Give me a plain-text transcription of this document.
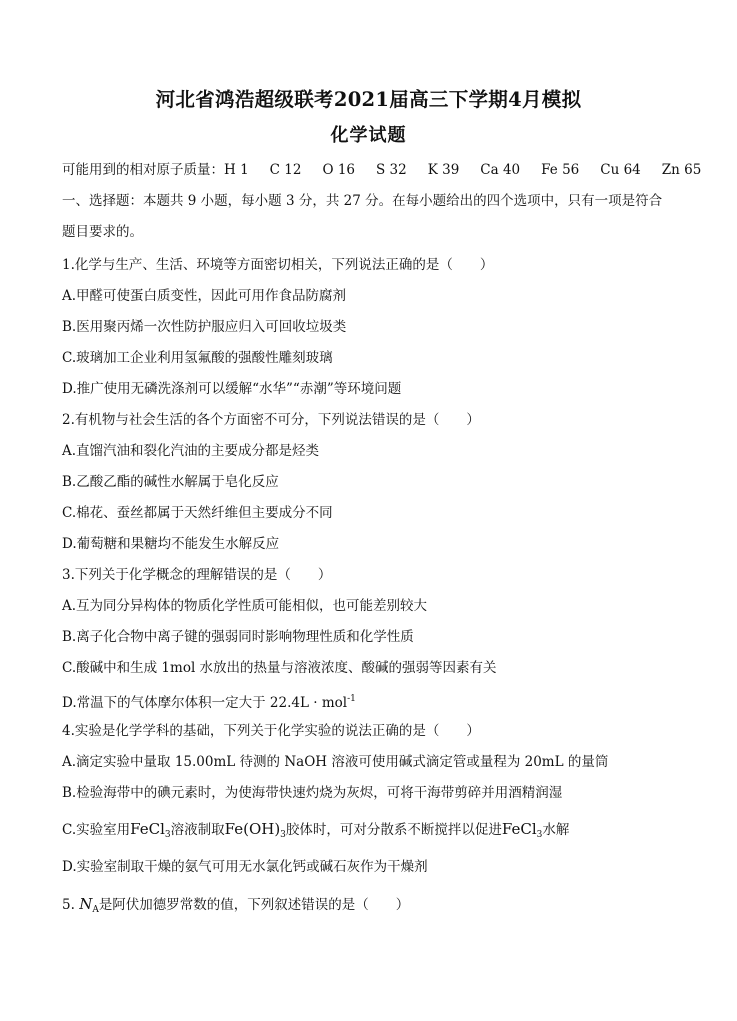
河北省鸿浩超级联考2021届高三下学期4月模拟
化学试题
可能用到的相对原子质量：H 1 C 12 O 16 S 32 K 39 Ca 40 Fe 56 Cu 64 Zn 65
一、选择题：本题共 9 小题，每小题 3 分，共 27 分。在每小题给出的四个选项中，只有一项是符合
题目要求的。
1.化学与生产、生活、环境等方面密切相关，下列说法正确的是（　　）
A.甲醛可使蛋白质变性，因此可用作食品防腐剂
B.医用聚丙烯一次性防护服应归入可回收垃圾类
C.玻璃加工企业利用氢氟酸的强酸性雕刻玻璃
D.推广使用无磷洗涤剂可以缓解“水华”“赤潮”等环境问题
2.有机物与社会生活的各个方面密不可分，下列说法错误的是（　　）
A.直馏汽油和裂化汽油的主要成分都是烃类
B.乙酸乙酯的碱性水解属于皂化反应
C.棉花、蚕丝都属于天然纤维但主要成分不同
D.葡萄糖和果糖均不能发生水解反应
3.下列关于化学概念的理解错误的是（　　）
A.互为同分异构体的物质化学性质可能相似，也可能差别较大
B.离子化合物中离子键的强弱同时影响物理性质和化学性质
C.酸碱中和生成 1mol 水放出的热量与溶液浓度、酸碱的强弱等因素有关
D.常温下的气体摩尔体积一定大于 22.4L · mol$^{-1}$
4.实验是化学学科的基础，下列关于化学实验的说法正确的是（　　）
A.滴定实验中量取 15.00mL 待测的 NaOH 溶液可使用碱式滴定管或量程为 20mL 的量筒
B.检验海带中的碘元素时，为使海带快速灼烧为灰烬，可将干海带剪碎并用酒精润湿
C.实验室用FeCl$_3$溶液制取$Fe(OH)_3$胶体时，可对分散系不断搅拌以促进FeCl$_3$水解
D.实验室制取干燥的氨气可用无水氯化钙或碱石灰作为干燥剂
5. $N_A$是阿伏加德罗常数的值，下列叙述错误的是（　　）
